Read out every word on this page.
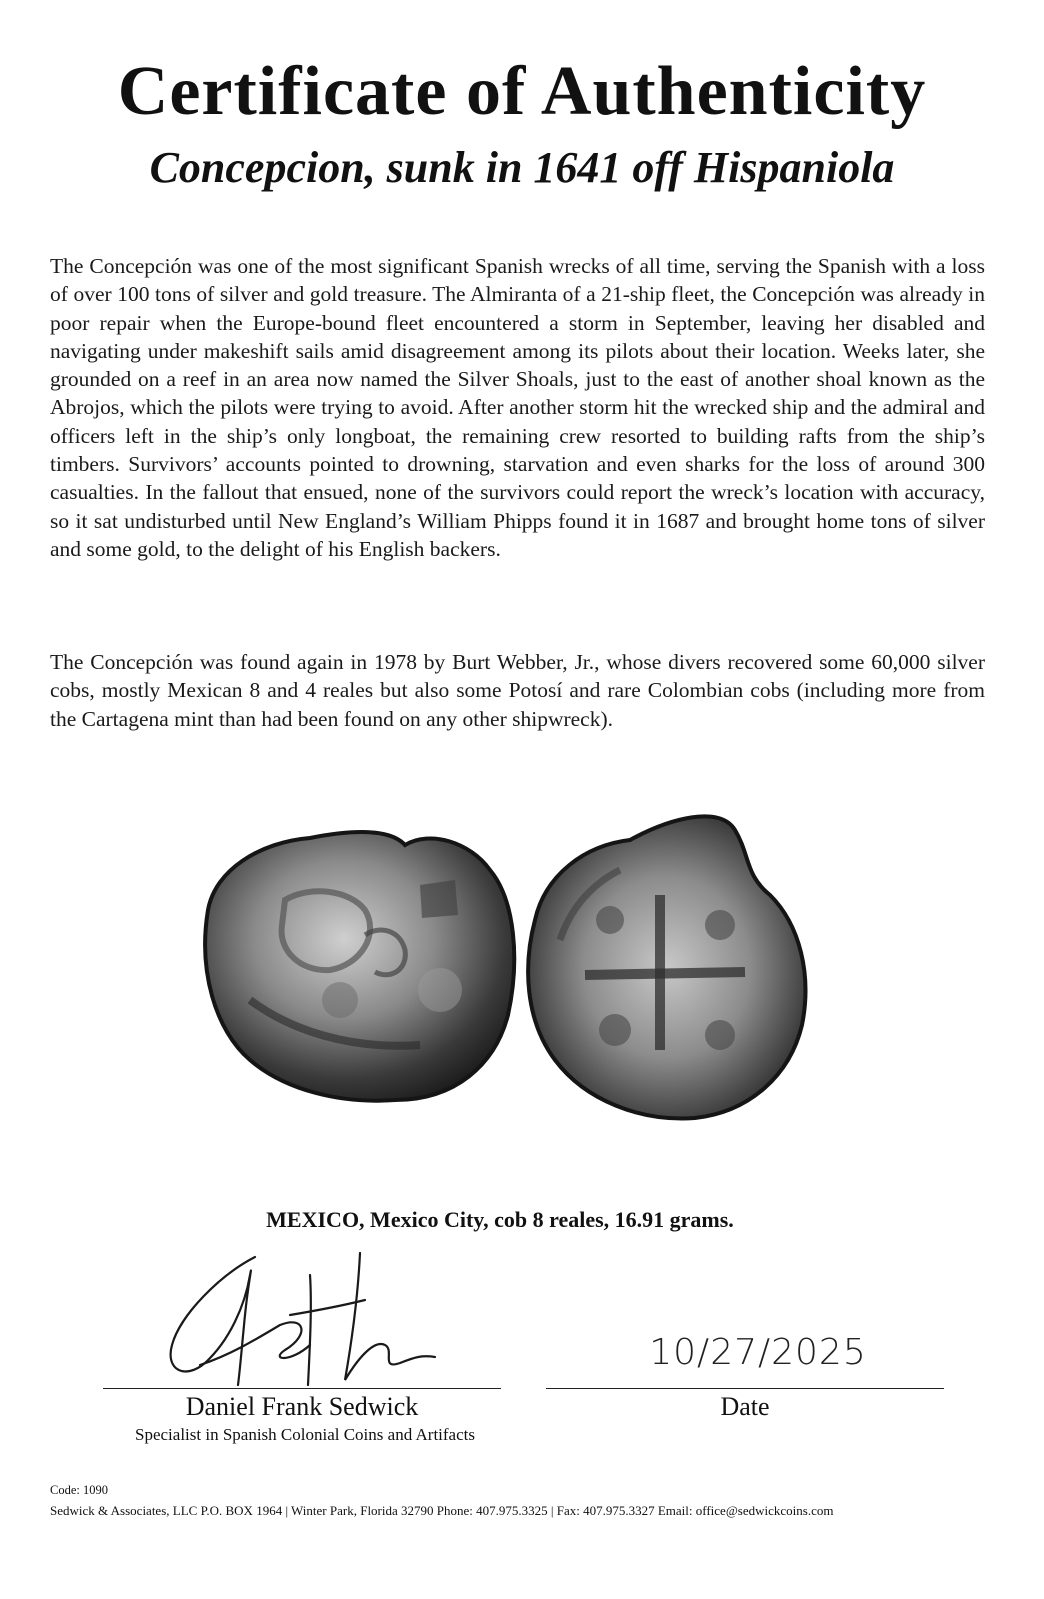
Certificate of Authenticity
Concepcion, sunk in 1641 off Hispaniola

The Concepción was one of the most significant Spanish wrecks of all time, serving the Spanish with a loss of over 100 tons of silver and gold treasure. The Almiranta of a 21-ship fleet, the Concepción was already in poor repair when the Europe-bound fleet encountered a storm in September, leaving her disabled and navigating under makeshift sails amid disagreement among its pilots about their location. Weeks later, she grounded on a reef in an area now named the Silver Shoals, just to the east of another shoal known as the Abrojos, which the pilots were trying to avoid. After another storm hit the wrecked ship and the admiral and officers left in the ship’s only longboat, the remaining crew resorted to building rafts from the ship’s timbers. Survivors’ accounts pointed to drowning, starvation and even sharks for the loss of around 300 casualties. In the fallout that ensued, none of the survivors could report the wreck’s location with accuracy, so it sat undisturbed until New England’s William Phipps found it in 1687 and brought home tons of silver and some gold, to the delight of his English backers.

The Concepción was found again in 1978 by Burt Webber, Jr., whose divers recovered some 60,000 silver cobs, mostly Mexican 8 and 4 reales but also some Potosí and rare Colombian cobs (including more from the Cartagena mint than had been found on any other shipwreck).

MEXICO, Mexico City, cob 8 reales, 16.91 grams.
10/27/2025
Daniel Frank Sedwick
Specialist in Spanish Colonial Coins and Artifacts
Date
Code: 1090
Sedwick & Associates, LLC P.O. BOX 1964 | Winter Park, Florida 32790 Phone: 407.975.3325 | Fax: 407.975.3327 Email: office@sedwickcoins.com
